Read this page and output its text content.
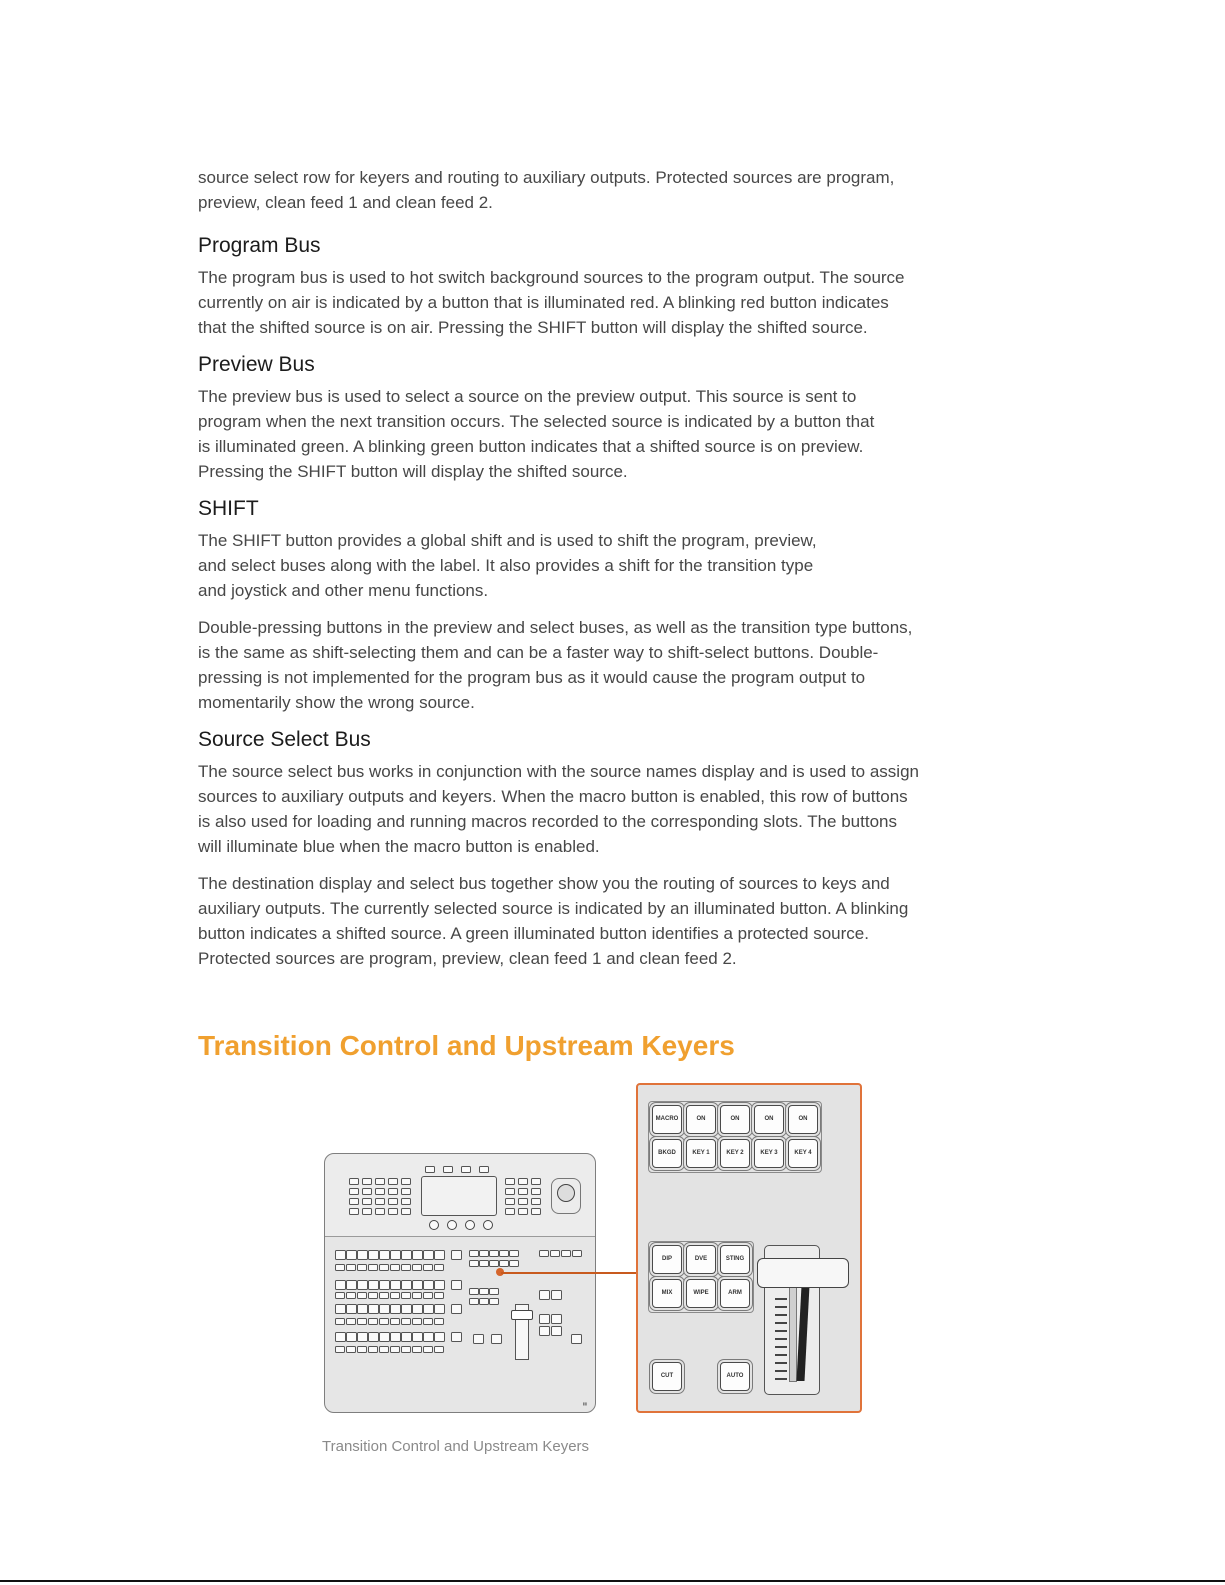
source select row for keyers and routing to auxiliary outputs. Protected sources are program,
preview, clean feed 1 and clean feed 2.

Program Bus

The program bus is used to hot switch background sources to the program output. The source
currently on air is indicated by a button that is illuminated red. A blinking red button indicates
that the shifted source is on air. Pressing the SHIFT button will display the shifted source.

Preview Bus

The preview bus is used to select a source on the preview output. This source is sent to
program when the next transition occurs. The selected source is indicated by a button that
is illuminated green. A blinking green button indicates that a shifted source is on preview.
Pressing the SHIFT button will display the shifted source.

SHIFT

The SHIFT button provides a global shift and is used to shift the program, preview,
and select buses along with the label. It also provides a shift for the transition type
and joystick and other menu functions.

Double-pressing buttons in the preview and select buses, as well as the transition type buttons,
is the same as shift-selecting them and can be a faster way to shift-select buttons. Double-
pressing is not implemented for the program bus as it would cause the program output to
momentarily show the wrong source.

Source Select Bus

The source select bus works in conjunction with the source names display and is used to assign
sources to auxiliary outputs and keyers. When the macro button is enabled, this row of buttons
is also used for loading and running macros recorded to the corresponding slots. The buttons
will illuminate blue when the macro button is enabled.

The destination display and select bus together show you the routing of sources to keys and
auxiliary outputs. The currently selected source is indicated by an illuminated button. A blinking
button indicates a shifted source. A green illuminated button identifies a protected source.
Protected sources are program, preview, clean feed 1 and clean feed 2.

Transition Control and Upstream Keyers
▮▮
MACRO	ON	ON	ON	ON
BKGD	KEY 1	KEY 2	KEY 3	KEY 4
DIP	DVE	STING
MIX	WIPE	ARM
CUT	AUTO
Transition Control and Upstream Keyers
